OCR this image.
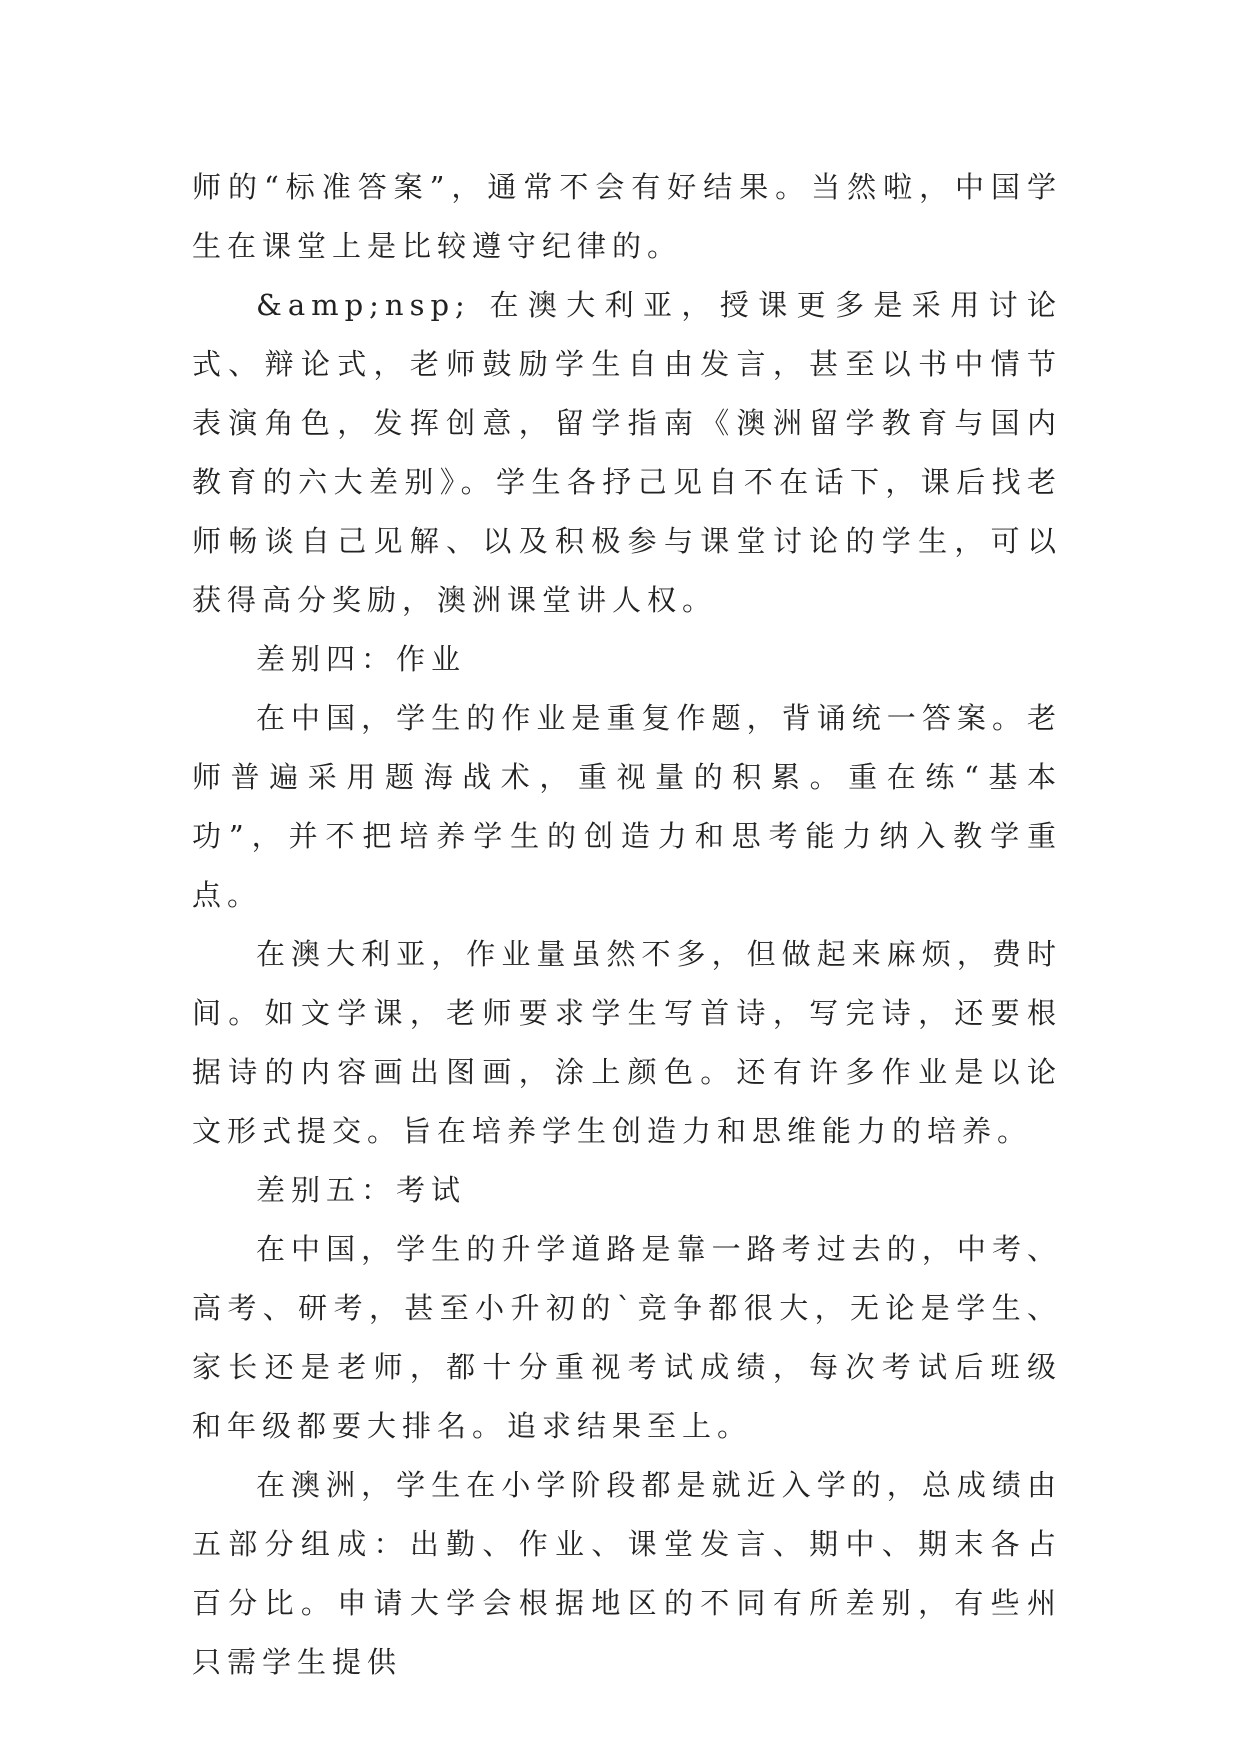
师的“标准答案”，通常不会有好结果。当然啦，中国学生在课堂上是比较遵守纪律的。

&amp;nsp; 在澳大利亚，授课更多是采用讨论式、辩论式，老师鼓励学生自由发言，甚至以书中情节表演角色，发挥创意，留学指南《澳洲留学教育与国内教育的六大差别》。学生各抒己见自不在话下，课后找老师畅谈自己见解、以及积极参与课堂讨论的学生，可以获得高分奖励，澳洲课堂讲人权。

差别四：作业

在中国，学生的作业是重复作题，背诵统一答案。老师普遍采用题海战术，重视量的积累。重在练“基本功”，并不把培养学生的创造力和思考能力纳入教学重点。

在澳大利亚，作业量虽然不多，但做起来麻烦，费时间。如文学课，老师要求学生写首诗，写完诗，还要根据诗的内容画出图画，涂上颜色。还有许多作业是以论文形式提交。旨在培养学生创造力和思维能力的培养。

差别五：考试

在中国，学生的升学道路是靠一路考过去的，中考、高考、研考，甚至小升初的`竞争都很大，无论是学生、家长还是老师，都十分重视考试成绩，每次考试后班级和年级都要大排名。追求结果至上。

在澳洲，学生在小学阶段都是就近入学的，总成绩由五部分组成：出勤、作业、课堂发言、期中、期末各占百分比。申请大学会根据地区的不同有所差别，有些州只需学生提供
